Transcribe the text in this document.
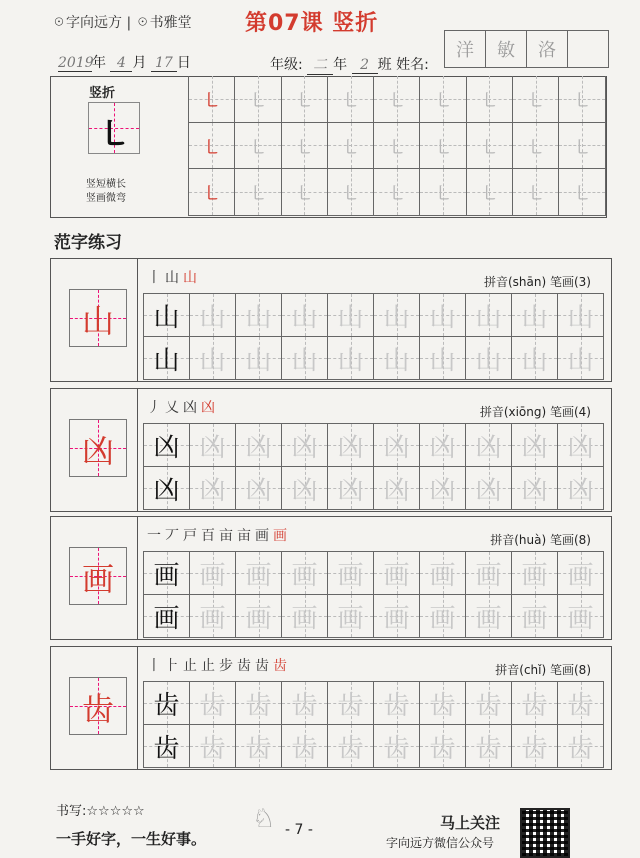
☉字向远方 | ☉书雅堂 第07课 竖折
2019年 4 月 17 日	年级: 二 年 2 班 姓名:
洋	敏	洛
竖折
㇄
竖短横长
竖画微弯
㇄	㇄	㇄	㇄	㇄	㇄	㇄	㇄	㇄
㇄	㇄	㇄	㇄	㇄	㇄	㇄	㇄	㇄
㇄	㇄	㇄	㇄	㇄	㇄	㇄	㇄	㇄
范字练习
山
丨山山	拼音(shān) 笔画(3)
山 山 山 山 山 山 山 山 山 山
山 山 山 山 山 山 山 山 山 山
凶
丿乂凶凶	拼音(xiōng) 笔画(4)
凶 凶 凶 凶 凶 凶 凶 凶 凶 凶
凶 凶 凶 凶 凶 凶 凶 凶 凶 凶
画
一丆戸百亩亩画画	拼音(huà) 笔画(8)
画 画 画 画 画 画 画 画 画 画
画 画 画 画 画 画 画 画 画 画
齿
丨⺊止止步齿齿齿	拼音(chǐ) 笔画(8)
齿 齿 齿 齿 齿 齿 齿 齿 齿 齿
齿 齿 齿 齿 齿 齿 齿 齿 齿 齿
书写:☆☆☆☆☆
一手好字，一生好事。
♘ - 7 -	马上关注
字向远方微信公众号
